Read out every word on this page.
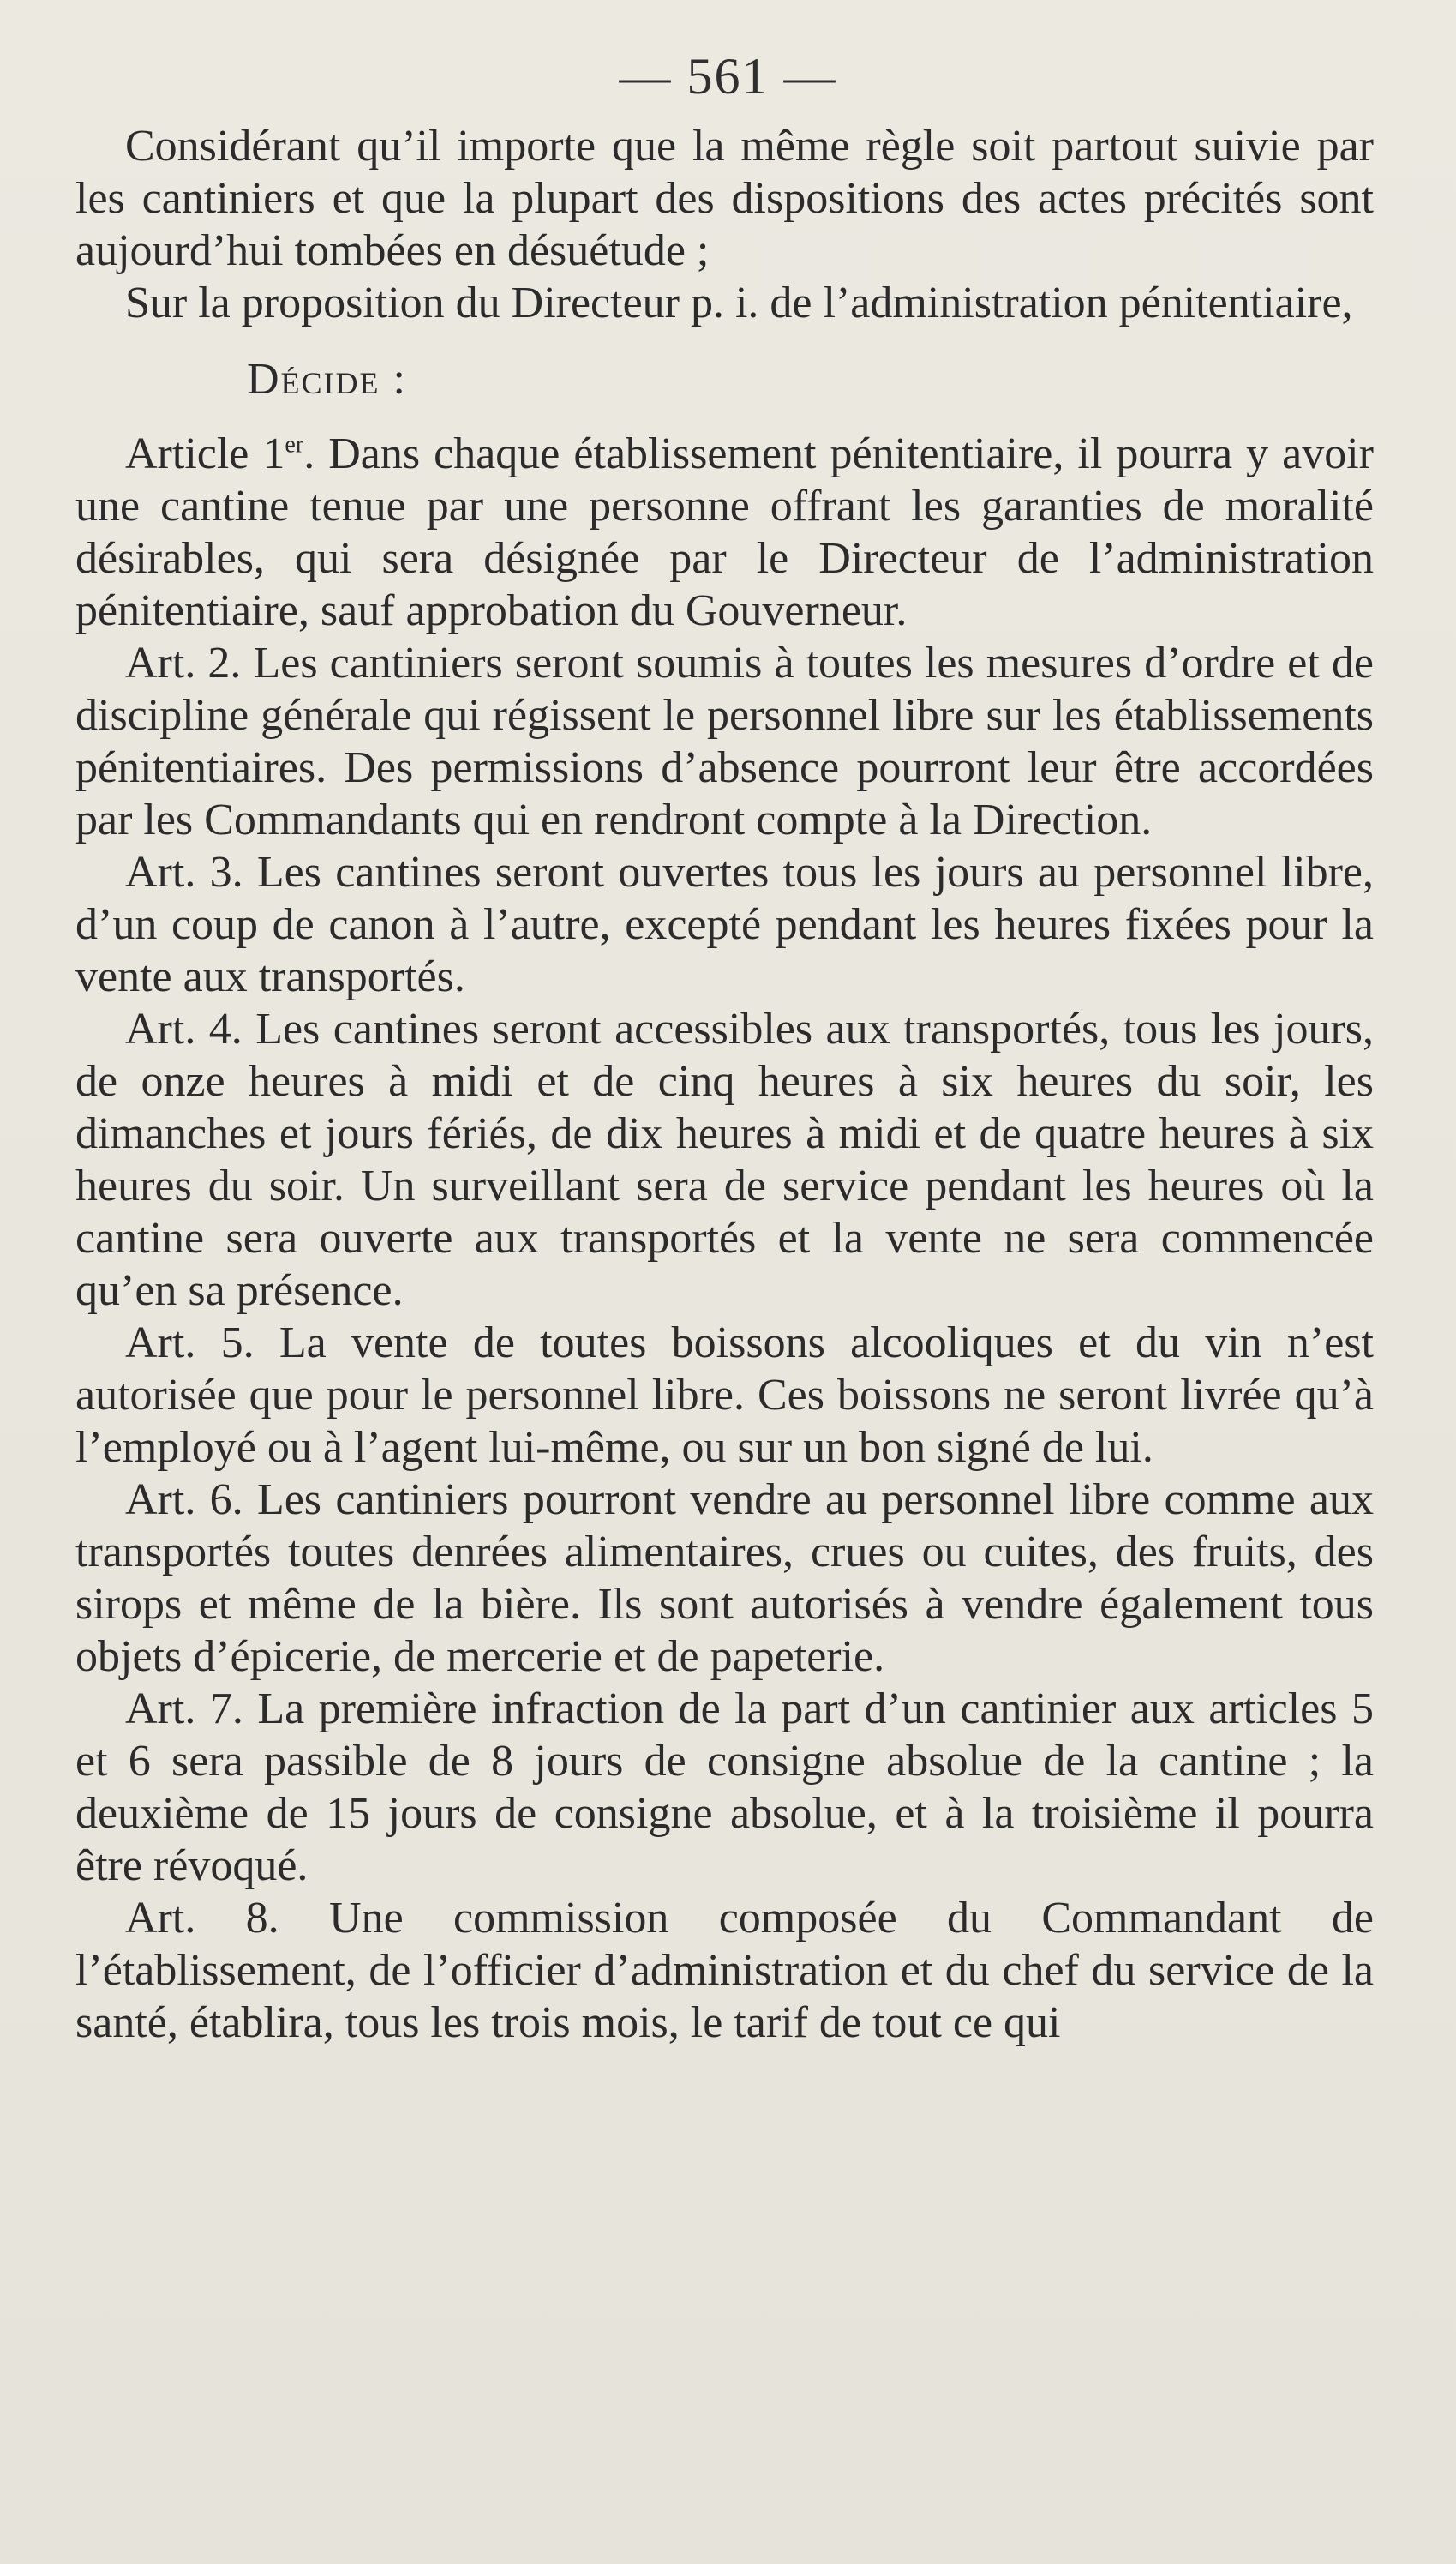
— 561 —

Considérant qu’il importe que la même règle soit partout suivie par les cantiniers et que la plupart des dispositions des actes précités sont aujourd’hui tombées en désuétude ;

Sur la proposition du Directeur p. i. de l’administration pénitentiaire,

Décide :

Article 1er. Dans chaque établissement pénitentiaire, il pourra y avoir une cantine tenue par une personne offrant les garanties de moralité désirables, qui sera désignée par le Directeur de l’administration pénitentiaire, sauf approbation du Gouverneur.

Art. 2. Les cantiniers seront soumis à toutes les mesures d’ordre et de discipline générale qui régissent le personnel libre sur les établissements pénitentiaires. Des permissions d’absence pourront leur être accordées par les Commandants qui en rendront compte à la Direction.

Art. 3. Les cantines seront ouvertes tous les jours au personnel libre, d’un coup de canon à l’autre, excepté pendant les heures fixées pour la vente aux transportés.

Art. 4. Les cantines seront accessibles aux transportés, tous les jours, de onze heures à midi et de cinq heures à six heures du soir, les dimanches et jours fériés, de dix heures à midi et de quatre heures à six heures du soir. Un surveillant sera de service pendant les heures où la cantine sera ouverte aux transportés et la vente ne sera commencée qu’en sa présence.

Art. 5. La vente de toutes boissons alcooliques et du vin n’est autorisée que pour le personnel libre. Ces boissons ne seront livrée qu’à l’employé ou à l’agent lui-même, ou sur un bon signé de lui.

Art. 6. Les cantiniers pourront vendre au personnel libre comme aux transportés toutes denrées alimentaires, crues ou cuites, des fruits, des sirops et même de la bière. Ils sont autorisés à vendre également tous objets d’épicerie, de mercerie et de papeterie.

Art. 7. La première infraction de la part d’un cantinier aux articles 5 et 6 sera passible de 8 jours de consigne absolue de la cantine ; la deuxième de 15 jours de consigne absolue, et à la troisième il pourra être révoqué.

Art. 8. Une commission composée du Commandant de l’établissement, de l’officier d’administration et du chef du service de la santé, établira, tous les trois mois, le tarif de tout ce qui
